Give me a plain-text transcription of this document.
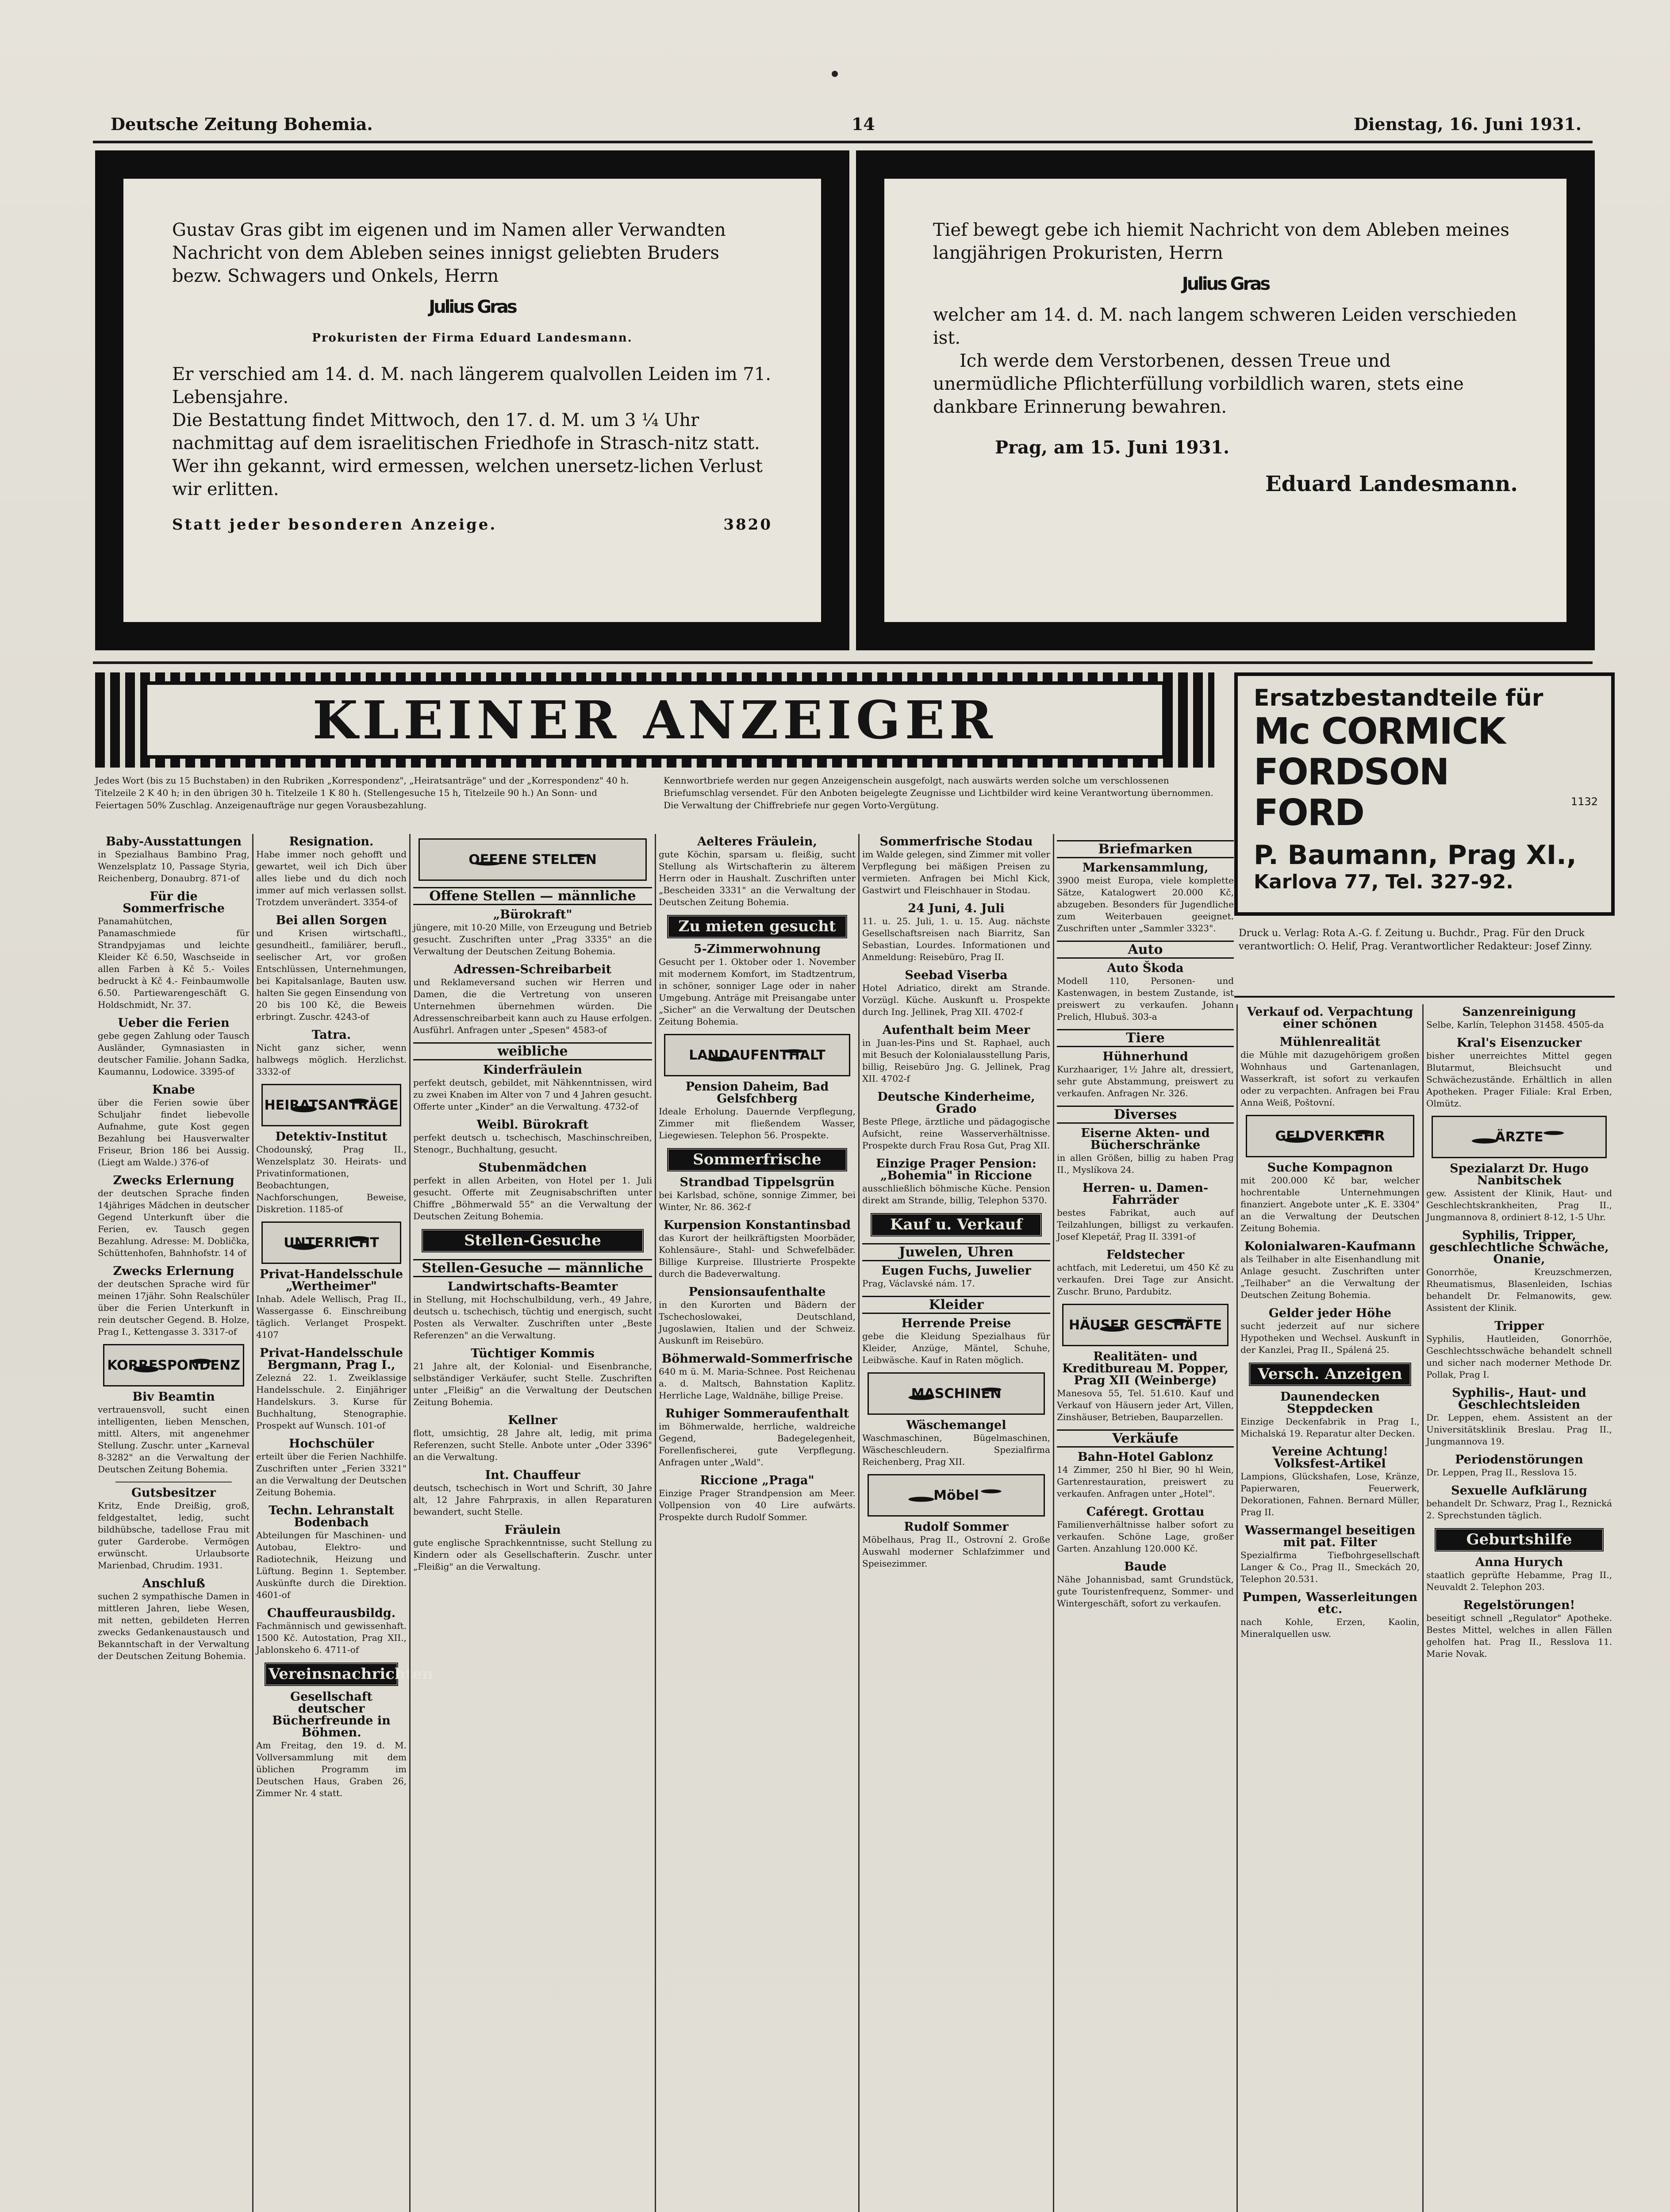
Deutsche Zeitung Bohemia.	14	Dienstag, 16. Juni 1931.

Gustav Gras gibt im eigenen und im Namen aller Verwandten Nachricht von dem Ableben seines innigst geliebten Bruders bezw. Schwagers und Onkels, Herrn

Julius Gras

Prokuristen der Firma Eduard Landesmann.

Er verschied am 14. d. M. nach längerem qualvollen Leiden im 71. Lebensjahre.

Die Bestattung findet Mittwoch, den 17. d. M. um 3 ¼ Uhr nachmittag auf dem israelitischen Friedhofe in Strasch-nitz statt.

Wer ihn gekannt, wird ermessen, welchen unersetz-lichen Verlust wir erlitten.

Statt jeder besonderen Anzeige.	3820

Tief bewegt gebe ich hiemit Nachricht von dem Ableben meines langjährigen Prokuristen, Herrn

Julius Gras

welcher am 14. d. M. nach langem schweren Leiden verschieden ist.

Ich werde dem Verstorbenen, dessen Treue und unermüdliche Pflichterfüllung vorbildlich waren, stets eine dankbare Erinnerung bewahren.

Prag, am 15. Juni 1931.

Eduard Landesmann.

KLEINER ANZEIGER
Jedes Wort (bis zu 15 Buchstaben) in den Rubriken „Korrespondenz", „Heiratsanträge" und der „Korrespondenz" 40 h. Titelzeile 2 K 40 h; in den übrigen 30 h. Titelzeile 1 K 80 h. (Stellengesuche 15 h, Titelzeile 90 h.) An Sonn- und Feiertagen 50% Zuschlag. Anzeigenaufträge nur gegen Vorausbezahlung.
Kennwortbriefe werden nur gegen Anzeigenschein ausgefolgt, nach auswärts werden solche um verschlossenen Briefumschlag versendet. Für den Anboten beigelegte Zeugnisse und Lichtbilder wird keine Verantwortung übernommen. Die Verwaltung der Chiffrebriefe nur gegen Vorto-Vergütung.
Ersatzbestandteile für
Mc CORMICK
FORDSON
FORD	1132
P. Baumann, Prag XI.,
Karlova 77, Tel. 327-92.
Druck u. Verlag: Rota A.-G. f. Zeitung u. Buchdr., Prag. Für den Druck verantwortlich: O. Helif, Prag. Verantwortlicher Redakteur: Josef Zinny.
Baby-Ausstattungen
in Spezialhaus Bambino Prag, Wenzelsplatz 10, Passage Styria, Reichenberg, Donaubrg. 871-of
Für die Sommerfrische
Panamahütchen, Panamaschmiede für Strandpyjamas und leichte Kleider Kč 6.50, Waschseide in allen Farben à Kč 5.- Voiles bedruckt à Kč 4.- Feinbaumwolle 6.50. Partiewarengeschäft G. Holdschmidt, Nr. 37.
Ueber die Ferien
gebe gegen Zahlung oder Tausch Ausländer, Gymnasiasten in deutscher Familie. Johann Sadka, Kaumannu, Lodowice. 3395-of
Knabe
über die Ferien sowie über Schuljahr findet liebevolle Aufnahme, gute Kost gegen Bezahlung bei Hausverwalter Friseur, Brion 186 bei Aussig. (Liegt am Walde.) 376-of
Zwecks Erlernung
der deutschen Sprache finden 14jähriges Mädchen in deutscher Gegend Unterkunft über die Ferien, ev. Tausch gegen Bezahlung. Adresse: M. Doblička, Schüttenhofen, Bahnhofstr. 14 of
Zwecks Erlernung
der deutschen Sprache wird für meinen 17jähr. Sohn Realschüler über die Ferien Unterkunft in rein deutscher Gegend. B. Holze, Prag I., Kettengasse 3. 3317-of
KORRESPONDENZ
Biv Beamtin
vertrauensvoll, sucht einen intelligenten, lieben Menschen, mittl. Alters, mit angenehmer Stellung. Zuschr. unter „Karneval 8-3282" an die Verwaltung der Deutschen Zeitung Bohemia.
Gutsbesitzer
Kritz, Ende Dreißig, groß, feldgestaltet, ledig, sucht bildhübsche, tadellose Frau mit guter Garderobe. Vermögen erwünscht. Urlaubsorte Marienbad, Chrudim. 1931.
Anschluß
suchen 2 sympathische Damen in mittleren Jahren, liebe Wesen, mit netten, gebildeten Herren zwecks Gedankenaustausch und Bekanntschaft in der Verwaltung der Deutschen Zeitung Bohemia.
Resignation.
Habe immer noch gehofft und gewartet, weil ich Dich über alles liebe und du dich noch immer auf mich verlassen sollst. Trotzdem unverändert. 3354-of
Bei allen Sorgen
und Krisen wirtschaftl., gesundheitl., familiärer, berufl., seelischer Art, vor großen Entschlüssen, Unternehmungen, bei Kapitalsanlage, Bauten usw. halten Sie gegen Einsendung von 20 bis 100 Kč, die Beweis erbringt. Zuschr. 4243-of
Tatra.
Nicht ganz sicher, wenn halbwegs möglich. Herzlichst. 3332-of
HEIRATSANTRÄGE
Detektiv-Institut
Chodounský, Prag II., Wenzelsplatz 30. Heirats- und Privatinformationen, Beobachtungen, Nachforschungen, Beweise, Diskretion. 1185-of
UNTERRICHT
Privat-Handelsschule „Wertheimer"
Inhab. Adele Wellisch, Prag II., Wassergasse 6. Einschreibung täglich. Verlanget Prospekt. 4107
Privat-Handelsschule Bergmann, Prag I.,
Zelezná 22. 1. Zweiklassige Handelsschule. 2. Einjähriger Handelskurs. 3. Kurse für Buchhaltung, Stenographie. Prospekt auf Wunsch. 101-of
Hochschüler
erteilt über die Ferien Nachhilfe. Zuschriften unter „Ferien 3321" an die Verwaltung der Deutschen Zeitung Bohemia.
Techn. Lehranstalt Bodenbach
Abteilungen für Maschinen- und Autobau, Elektro- und Radiotechnik, Heizung und Lüftung. Beginn 1. September. Auskünfte durch die Direktion. 4601-of
Chauffeurausbildg.
Fachmännisch und gewissenhaft. 1500 Kč. Autostation, Prag XII., Jablonskeho 6. 4711-of
Vereinsnachrichten
Gesellschaft deutscher Bücherfreunde in Böhmen.
Am Freitag, den 19. d. M. Vollversammlung mit dem üblichen Programm im Deutschen Haus, Graben 26, Zimmer Nr. 4 statt.
OFFENE STELLEN
Offene Stellen — männliche
„Bürokraft"
jüngere, mit 10-20 Mille, von Erzeugung und Betrieb gesucht. Zuschriften unter „Prag 3335" an die Verwaltung der Deutschen Zeitung Bohemia.
Adressen-Schreibarbeit
und Reklameversand suchen wir Herren und Damen, die die Vertretung von unseren Unternehmen übernehmen würden. Die Adressenschreibarbeit kann auch zu Hause erfolgen. Ausführl. Anfragen unter „Spesen" 4583-of
weibliche
Kinderfräulein
perfekt deutsch, gebildet, mit Nähkenntnissen, wird zu zwei Knaben im Alter von 7 und 4 Jahren gesucht. Offerte unter „Kinder" an die Verwaltung. 4732-of
Weibl. Bürokraft
perfekt deutsch u. tschechisch, Maschinschreiben, Stenogr., Buchhaltung, gesucht.
Stubenmädchen
perfekt in allen Arbeiten, von Hotel per 1. Juli gesucht. Offerte mit Zeugnisabschriften unter Chiffre „Böhmerwald 55" an die Verwaltung der Deutschen Zeitung Bohemia.
Stellen-Gesuche
Stellen-Gesuche — männliche
Landwirtschafts-Beamter
in Stellung, mit Hochschulbildung, verh., 49 Jahre, deutsch u. tschechisch, tüchtig und energisch, sucht Posten als Verwalter. Zuschriften unter „Beste Referenzen" an die Verwaltung.
Tüchtiger Kommis
21 Jahre alt, der Kolonial- und Eisenbranche, selbständiger Verkäufer, sucht Stelle. Zuschriften unter „Fleißig" an die Verwaltung der Deutschen Zeitung Bohemia.
Kellner
flott, umsichtig, 28 Jahre alt, ledig, mit prima Referenzen, sucht Stelle. Anbote unter „Oder 3396" an die Verwaltung.
Int. Chauffeur
deutsch, tschechisch in Wort und Schrift, 30 Jahre alt, 12 Jahre Fahrpraxis, in allen Reparaturen bewandert, sucht Stelle.
Fräulein
gute englische Sprachkenntnisse, sucht Stellung zu Kindern oder als Gesellschafterin. Zuschr. unter „Fleißig" an die Verwaltung.
Aelteres Fräulein,
gute Köchin, sparsam u. fleißig, sucht Stellung als Wirtschafterin zu älterem Herrn oder in Haushalt. Zuschriften unter „Bescheiden 3331" an die Verwaltung der Deutschen Zeitung Bohemia.
Zu mieten gesucht
5-Zimmerwohnung
Gesucht per 1. Oktober oder 1. November mit modernem Komfort, im Stadtzentrum, in schöner, sonniger Lage oder in naher Umgebung. Anträge mit Preisangabe unter „Sicher" an die Verwaltung der Deutschen Zeitung Bohemia.
LANDAUFENTHALT
Pension Daheim, Bad Gelsfchberg
Ideale Erholung. Dauernde Verpflegung, Zimmer mit fließendem Wasser, Liegewiesen. Telephon 56. Prospekte.
Sommerfrische
Strandbad Tippelsgrün
bei Karlsbad, schöne, sonnige Zimmer, bei Winter, Nr. 86. 362-f
Kurpension Konstantinsbad
das Kurort der heilkräftigsten Moorbäder, Kohlensäure-, Stahl- und Schwefelbäder. Billige Kurpreise. Illustrierte Prospekte durch die Badeverwaltung.
Pensionsaufenthalte
in den Kurorten und Bädern der Tschechoslowakei, Deutschland, Jugoslawien, Italien und der Schweiz. Auskunft im Reisebüro.
Böhmerwald-Sommerfrische
640 m ü. M. Maria-Schnee. Post Reichenau a. d. Maltsch, Bahnstation Kaplitz. Herrliche Lage, Waldnähe, billige Preise.
Ruhiger Sommeraufenthalt
im Böhmerwalde, herrliche, waldreiche Gegend, Badegelegenheit, Forellenfischerei, gute Verpflegung. Anfragen unter „Wald".
Riccione „Praga"
Einzige Prager Strandpension am Meer. Vollpension von 40 Lire aufwärts. Prospekte durch Rudolf Sommer.
Sommerfrische Stodau
im Walde gelegen, sind Zimmer mit voller Verpflegung bei mäßigen Preisen zu vermieten. Anfragen bei Michl Kick, Gastwirt und Fleischhauer in Stodau.
24 Juni, 4. Juli
11. u. 25. Juli, 1. u. 15. Aug. nächste Gesellschaftsreisen nach Biarritz, San Sebastian, Lourdes. Informationen und Anmeldung: Reisebüro, Prag II.
Seebad Viserba
Hotel Adriatico, direkt am Strande. Vorzügl. Küche. Auskunft u. Prospekte durch Ing. Jellinek, Prag XII. 4702-f
Aufenthalt beim Meer
in Juan-les-Pins und St. Raphael, auch mit Besuch der Kolonialausstellung Paris, billig, Reisebüro Jng. G. Jellinek, Prag XII. 4702-f
Deutsche Kinderheime, Grado
Beste Pflege, ärztliche und pädagogische Aufsicht, reine Wasserverhältnisse. Prospekte durch Frau Rosa Gut, Prag XII.
Einzige Prager Pension: „Bohemia" in Riccione
ausschließlich böhmische Küche. Pension direkt am Strande, billig, Telephon 5370.
Kauf u. Verkauf
Juwelen, Uhren
Eugen Fuchs, Juwelier
Prag, Václavské nám. 17.
Kleider
Herrende Preise
gebe die Kleidung Spezialhaus für Kleider, Anzüge, Mäntel, Schuhe, Leibwäsche. Kauf in Raten möglich.
MASCHINEN
Wäschemangel
Waschmaschinen, Bügelmaschinen, Wäscheschleudern. Spezialfirma Reichenberg, Prag XII.
Möbel
Rudolf Sommer
Möbelhaus, Prag II., Ostrovní 2. Große Auswahl moderner Schlafzimmer und Speisezimmer.
Briefmarken
Markensammlung,
3900 meist Europa, viele komplette Sätze, Katalogwert 20.000 Kč, abzugeben. Besonders für Jugendliche zum Weiterbauen geeignet. Zuschriften unter „Sammler 3323".
Auto
Auto Škoda
Modell 110, Personen- und Kastenwagen, in bestem Zustande, ist preiswert zu verkaufen. Johann Prelich, Hlubuš. 303-a
Tiere
Hühnerhund
Kurzhaariger, 1½ Jahre alt, dressiert, sehr gute Abstammung, preiswert zu verkaufen. Anfragen Nr. 326.
Diverses
Eiserne Akten- und Bücherschränke
in allen Größen, billig zu haben Prag II., Myslíkova 24.
Herren- u. Damen-Fahrräder
bestes Fabrikat, auch auf Teilzahlungen, billigst zu verkaufen. Josef Klepetář, Prag II. 3391-of
Feldstecher
achtfach, mit Lederetui, um 450 Kč zu verkaufen. Drei Tage zur Ansicht. Zuschr. Bruno, Pardubitz.
HÄUSER GESCHÄFTE
Realitäten- und Kreditbureau M. Popper, Prag XII (Weinberge)
Manesova 55, Tel. 51.610. Kauf und Verkauf von Häusern jeder Art, Villen, Zinshäuser, Betrieben, Bauparzellen.
Verkäufe
Bahn-Hotel Gablonz
14 Zimmer, 250 hl Bier, 90 hl Wein, Gartenrestauration, preiswert zu verkaufen. Anfragen unter „Hotel".
Caféregt. Grottau
Familienverhältnisse halber sofort zu verkaufen. Schöne Lage, großer Garten. Anzahlung 120.000 Kč.
Baude
Nähe Johannisbad, samt Grundstück, gute Touristenfrequenz, Sommer- und Wintergeschäft, sofort zu verkaufen.
Verkauf od. Verpachtung einer schönen
Mühlenrealität
die Mühle mit dazugehörigem großen Wohnhaus und Gartenanlagen, Wasserkraft, ist sofort zu verkaufen oder zu verpachten. Anfragen bei Frau Anna Weiß, Poštovní.
GELDVERKEHR
Suche Kompagnon
mit 200.000 Kč bar, welcher hochrentable Unternehmungen finanziert. Angebote unter „K. E. 3304" an die Verwaltung der Deutschen Zeitung Bohemia.
Kolonialwaren-Kaufmann
als Teilhaber in alte Eisenhandlung mit Anlage gesucht. Zuschriften unter „Teilhaber" an die Verwaltung der Deutschen Zeitung Bohemia.
Gelder jeder Höhe
sucht jederzeit auf nur sichere Hypotheken und Wechsel. Auskunft in der Kanzlei, Prag II., Spálená 25.
Versch. Anzeigen
Daunendecken Steppdecken
Einzige Deckenfabrik in Prag I., Michalská 19. Reparatur alter Decken.
Vereine Achtung! Volksfest-Artikel
Lampions, Glückshafen, Lose, Kränze, Papierwaren, Feuerwerk, Dekorationen, Fahnen. Bernard Müller, Prag II.
Wassermangel beseitigen mit pat. Filter
Spezialfirma Tiefbohrgesellschaft Langer & Co., Prag II., Smeckách 20, Telephon 20.531.
Pumpen, Wasserleitungen etc.
nach Kohle, Erzen, Kaolin, Mineralquellen usw.
Sanzenreinigung
Selbe, Karlín, Telephon 31458. 4505-da
Kral's Eisenzucker
bisher unerreichtes Mittel gegen Blutarmut, Bleichsucht und Schwächezustände. Erhältlich in allen Apotheken. Prager Filiale: Kral Erben, Olmütz.
ÄRZTE
Spezialarzt Dr. Hugo Nanbitschek
gew. Assistent der Klinik, Haut- und Geschlechtskrankheiten, Prag II., Jungmannova 8, ordiniert 8-12, 1-5 Uhr.
Syphilis, Tripper, geschlechtliche Schwäche, Onanie,
Gonorrhöe, Kreuzschmerzen, Rheumatismus, Blasenleiden, Ischias behandelt Dr. Felmanowits, gew. Assistent der Klinik.
Tripper
Syphilis, Hautleiden, Gonorrhöe, Geschlechtsschwäche behandelt schnell und sicher nach moderner Methode Dr. Pollak, Prag I.
Syphilis-, Haut- und Geschlechtsleiden
Dr. Leppen, ehem. Assistent an der Universitätsklinik Breslau. Prag II., Jungmannova 19.
Periodenstörungen
Dr. Leppen, Prag II., Resslova 15.
Sexuelle Aufklärung
behandelt Dr. Schwarz, Prag I., Reznická 2. Sprechstunden täglich.
Geburtshilfe
Anna Hurych
staatlich geprüfte Hebamme, Prag II., Neuvaldt 2. Telephon 203.
Regelstörungen!
beseitigt schnell „Regulator" Apotheke. Bestes Mittel, welches in allen Fällen geholfen hat. Prag II., Resslova 11. Marie Novak.
